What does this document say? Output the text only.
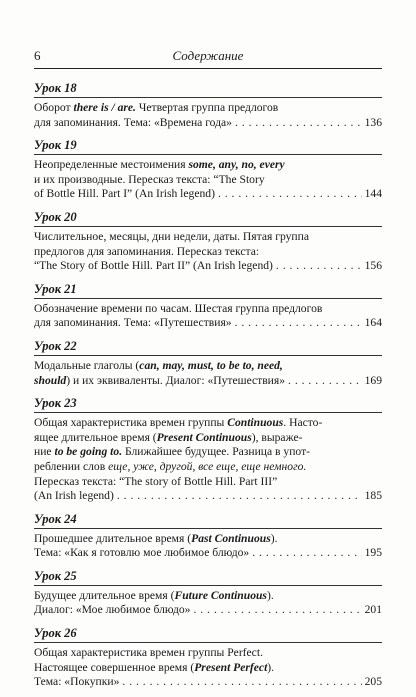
6	Содержание
Урок 18
Оборот there is / are. Четвертая группа предлогов
для запоминания. Тема: «Времена года» . . .	136
Урок 19
Неопределенные местоимения some, any, no, every
и их производные. Пересказ текста: “The Story
of Bottle Hill. Part I” (An Irish legend) . . .	144
Урок 20
Числительное, месяцы, дни недели, даты. Пятая группа
предлогов для запоминания. Пересказ текста:
“The Story of Bottle Hill. Part II” (An Irish legend) . . .	156
Урок 21
Обозначение времени по часам. Шестая группа предлогов
для запоминания. Тема: «Путешествия» . . .	164
Урок 22
Модальные глаголы (can, may, must, to be to, need,
should) и их эквиваленты. Диалог: «Путешествия» . . .	169
Урок 23
Общая характеристика времен группы Continuous. Насто-
ящее длительное время (Present Continuous), выраже-
ние to be going to. Ближайшее будущее. Разница в упот-
реблении слов еще, уже, другой, все еще, еще немного.
Пересказ текста: “The story of Bottle Hill. Part III”
(An Irish legend) . . .	185
Урок 24
Прошедшее длительное время (Past Continuous).
Тема: «Как я готовлю мое любимое блюдо» . . .	195
Урок 25
Будущее длительное время (Future Continuous).
Диалог: «Мое любимое блюдо» . . .	201
Урок 26
Общая характеристика времен группы Perfect.
Настоящее совершенное время (Present Perfect).
Тема: «Покупки» . . .	205
